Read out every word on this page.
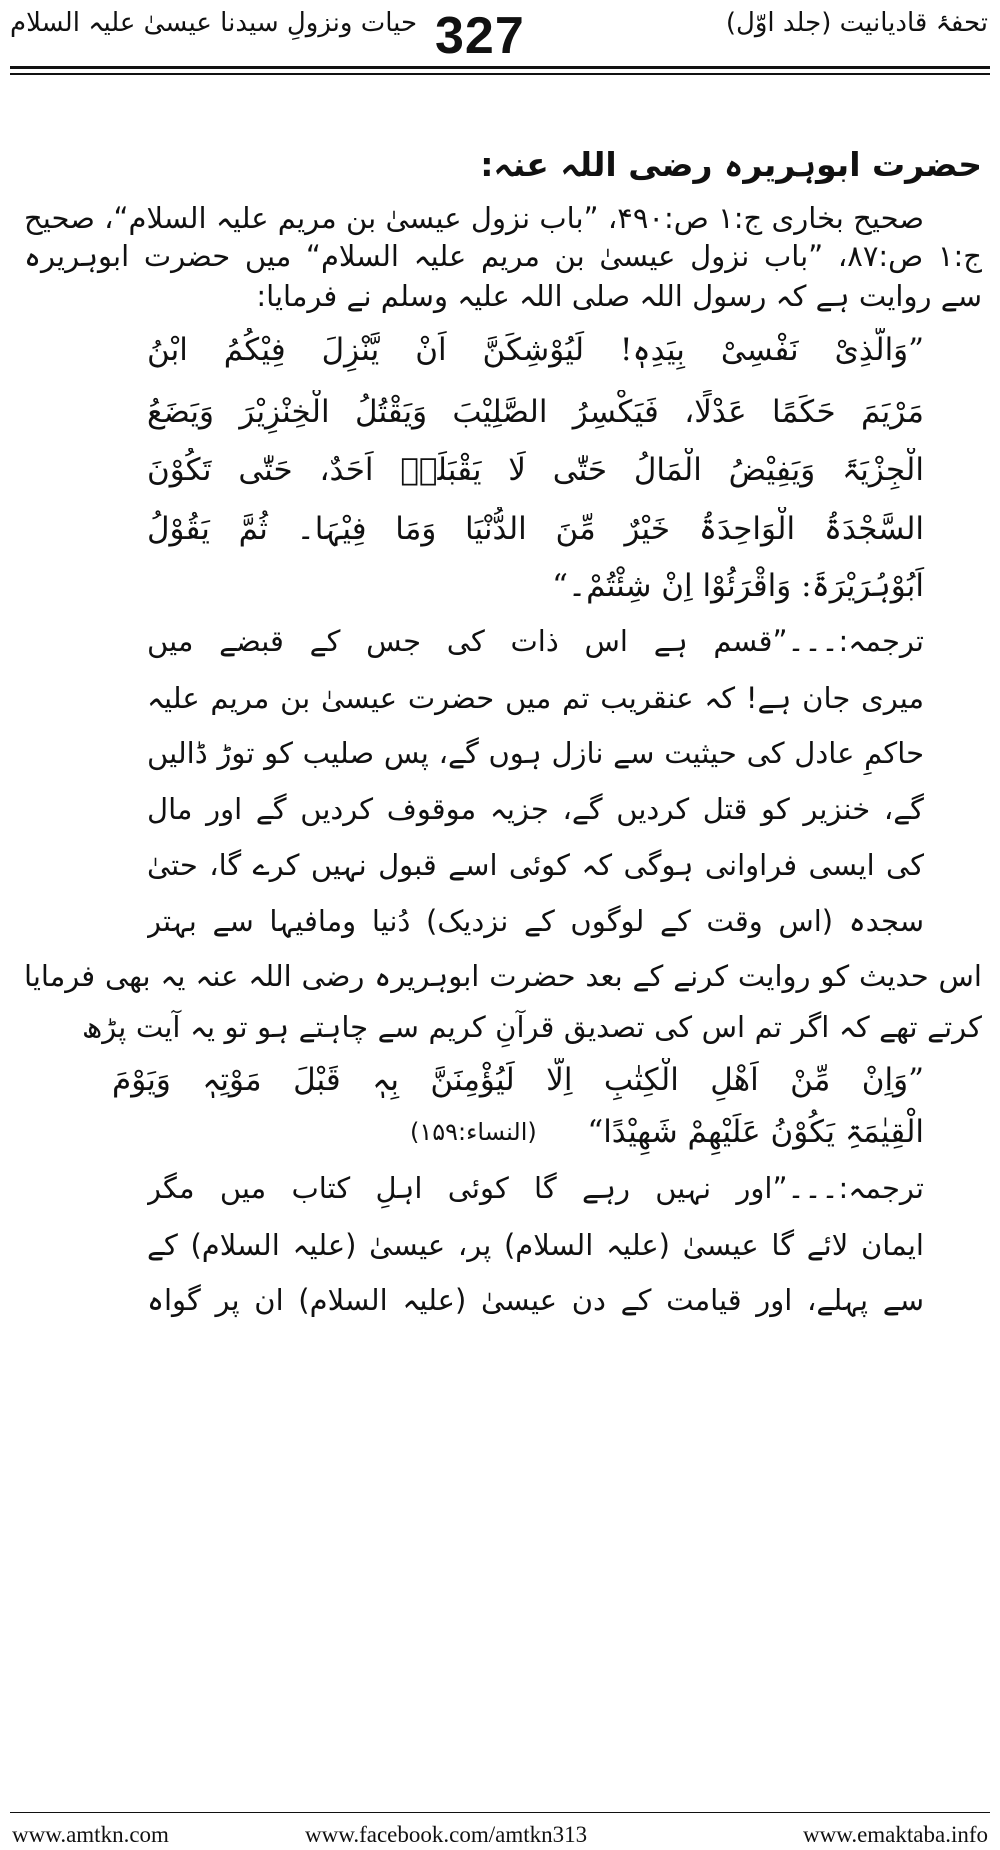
تحفۂ قادیانیت (جلد اوّل)
327
حیات ونزولِ سیدنا عیسیٰ علیہ السلام
حضرت ابوہریرہ رضی اللہ عنہ:
صحیح بخاری ج:۱ ص:۴۹۰، ”باب نزول عیسیٰ بن مریم علیہ السلام“، صحیح
ج:۱ ص:۸۷، ”باب نزول عیسیٰ بن مریم علیہ السلام“ میں حضرت ابوہریرہ
سے روایت ہے کہ رسول اللہ صلی اللہ علیہ وسلم نے فرمایا:
”وَالَّذِیْ نَفْسِیْ بِیَدِہٖ! لَیُوْشِکَنَّ اَنْ یَّنْزِلَ فِیْکُمُ ابْنُ
مَرْیَمَ حَکَمًا عَدْلًا، فَیَکْسِرُ الصَّلِیْبَ وَیَقْتُلُ الْخِنْزِیْرَ وَیَضَعُ
الْجِزْیَۃَ وَیَفِیْضُ الْمَالُ حَتّٰی لَا یَقْبَلَہٗ اَحَدٌ، حَتّٰی تَکُوْنَ
السَّجْدَۃُ الْوَاحِدَۃُ خَیْرٌ مِّنَ الدُّنْیَا وَمَا فِیْہَا۔ ثُمَّ یَقُوْلُ
اَبُوْہُرَیْرَۃَ: وَاقْرَئُوْا اِنْ شِئْتُمْ۔“
ترجمہ:۔۔۔”قسم ہے اس ذات کی جس کے قبضے میں
میری جان ہے! کہ عنقریب تم میں حضرت عیسیٰ بن مریم علیہ
حاکمِ عادل کی حیثیت سے نازل ہوں گے، پس صلیب کو توڑ ڈالیں
گے، خنزیر کو قتل کردیں گے، جزیہ موقوف کردیں گے اور مال
کی ایسی فراوانی ہوگی کہ کوئی اسے قبول نہیں کرے گا، حتیٰ
سجدہ (اس وقت کے لوگوں کے نزدیک) دُنیا ومافیہا سے بہتر
اس حدیث کو روایت کرنے کے بعد حضرت ابوہریرہ رضی اللہ عنہ یہ بھی فرمایا
کرتے تھے کہ اگر تم اس کی تصدیق قرآنِ کریم سے چاہتے ہو تو یہ آیت پڑھ
”وَاِنْ مِّنْ اَھْلِ الْکِتٰبِ اِلَّا لَیُؤْمِنَنَّ بِہٖ قَبْلَ مَوْتِہٖ وَیَوْمَ
الْقِیٰمَۃِ یَکُوْنُ عَلَیْھِمْ شَھِیْدًا“
(النساء:۱۵۹)
ترجمہ:۔۔۔”اور نہیں رہے گا کوئی اہلِ کتاب میں مگر
ایمان لائے گا عیسیٰ (علیہ السلام) پر، عیسیٰ (علیہ السلام) کے
سے پہلے، اور قیامت کے دن عیسیٰ (علیہ السلام) ان پر گواہ
www.amtkn.com	www.facebook.com/amtkn313	www.emaktaba.info
